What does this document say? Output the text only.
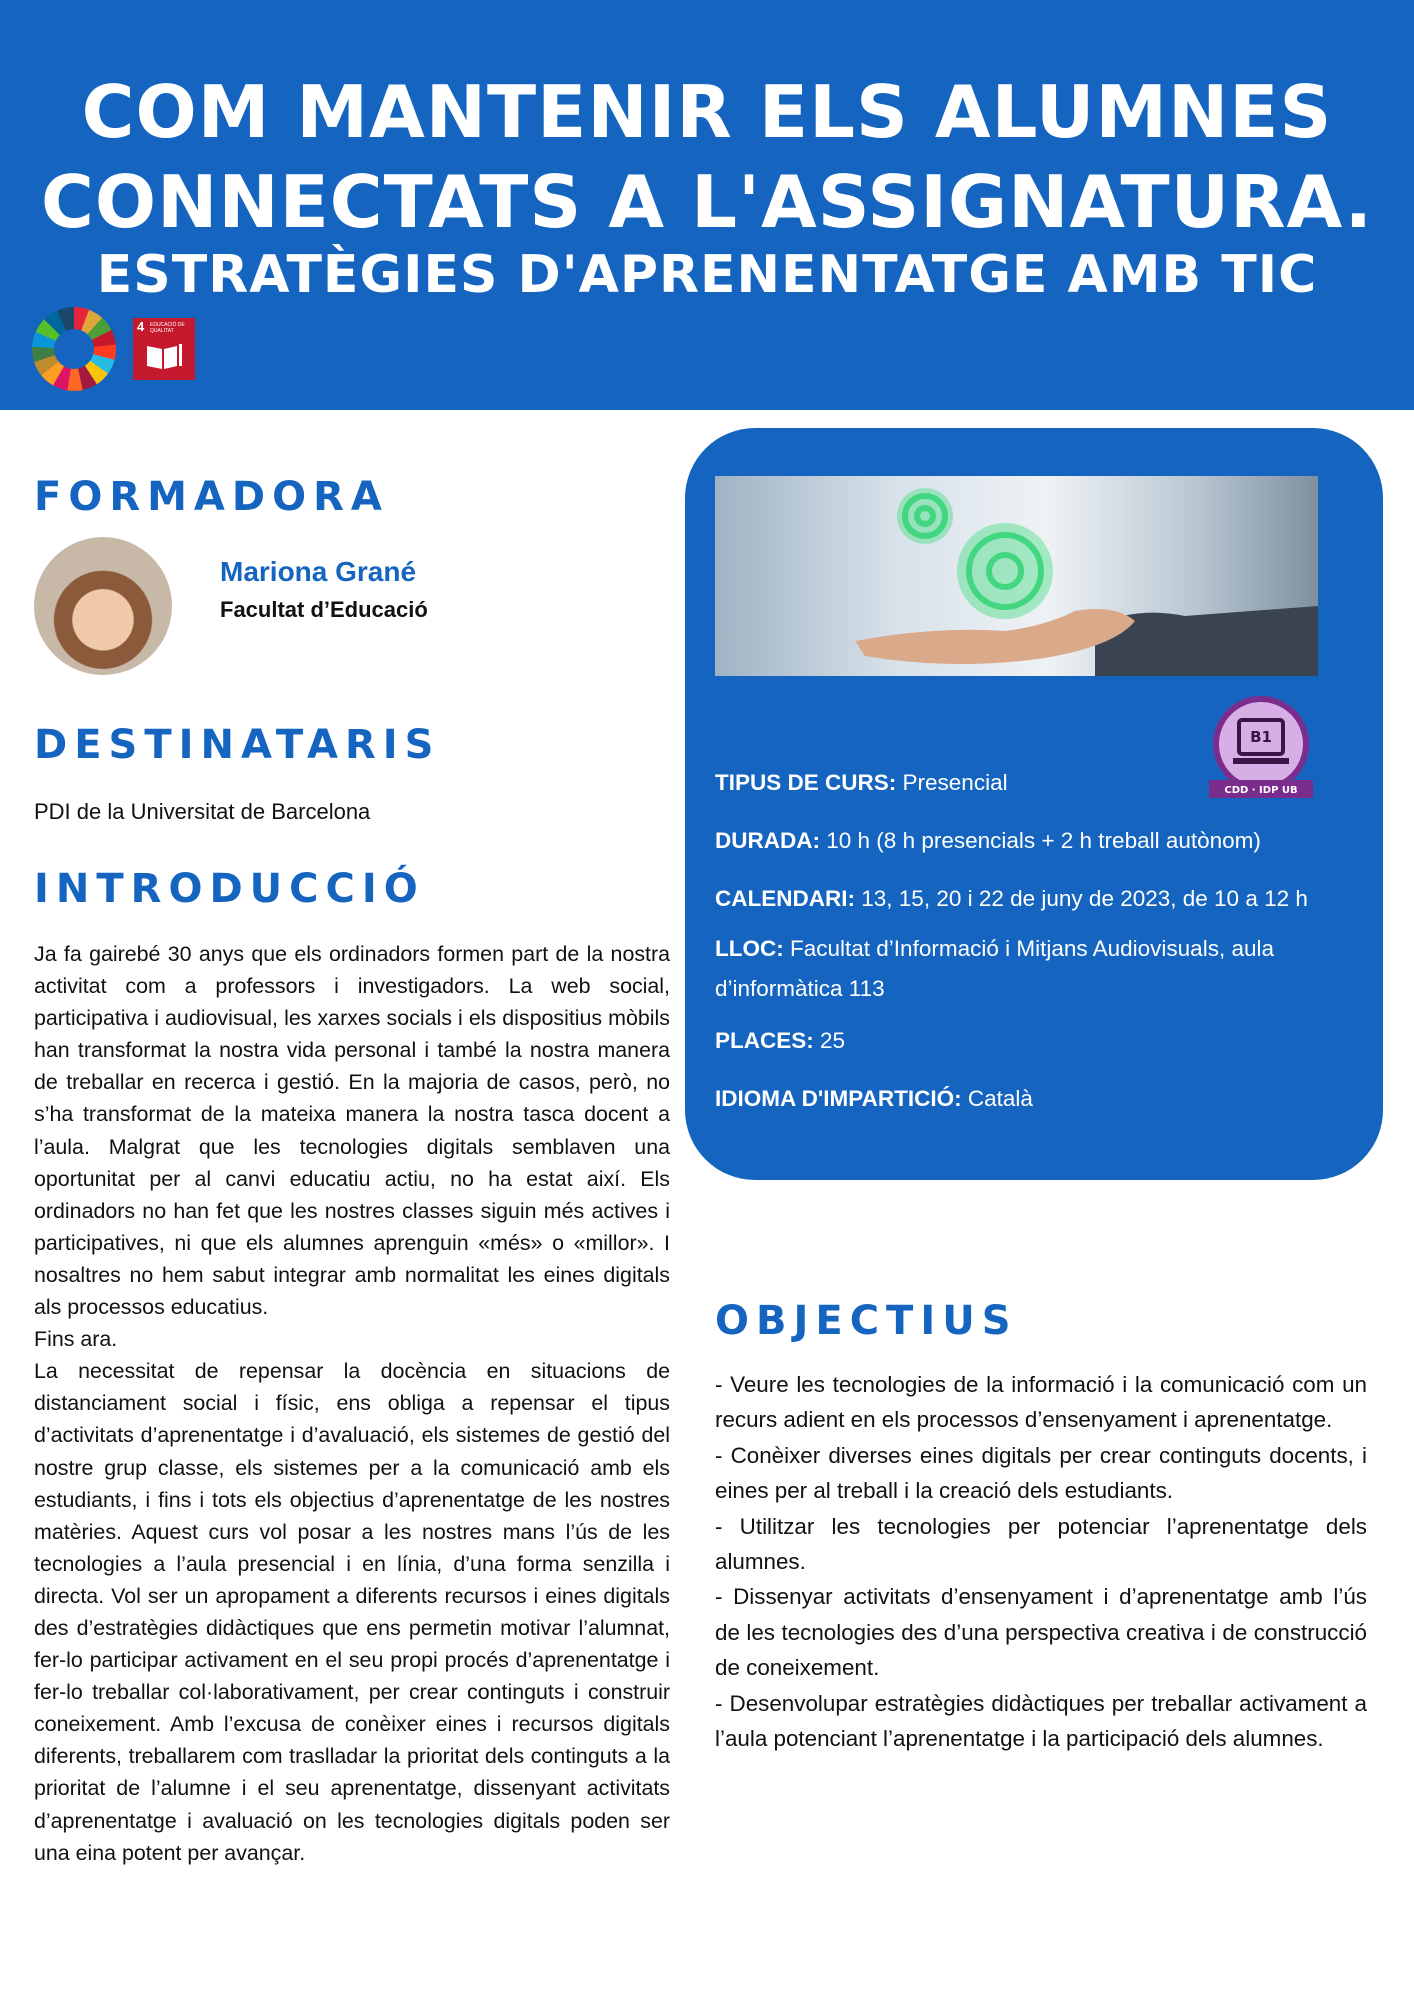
COM MANTENIR ELS ALUMNES
CONNECTATS A L'ASSIGNATURA.
ESTRATÈGIES D'APRENENTATGE AMB TIC
4 EDUCACIÓ DE QUALITAT
FORMADORA
Mariona Grané
Facultat d’Educació
DESTINATARIS
PDI de la Universitat de Barcelona
INTRODUCCIÓ

Ja fa gairebé 30 anys que els ordinadors formen part de la nostra activitat com a professors i investigadors. La web social, participativa i audiovisual, les xarxes socials i els dispositius mòbils han transformat la nostra vida personal i també la nostra manera de treballar en recerca i gestió. En la majoria de casos, però, no s’ha transformat de la mateixa manera la nostra tasca docent a l’aula. Malgrat que les tecnologies digitals semblaven una oportunitat per al canvi educatiu actiu, no ha estat així. Els ordinadors no han fet que les nostres classes siguin més actives i participatives, ni que els alumnes aprenguin «més» o «millor». I nosaltres no hem sabut integrar amb normalitat les eines digitals als processos educatius.

Fins ara.

La necessitat de repensar la docència en situacions de distanciament social i físic, ens obliga a repensar el tipus d’activitats d’aprenentatge i d’avaluació, els sistemes de gestió del nostre grup classe, els sistemes per a la comunicació amb els estudiants, i fins i tots els objectius d’aprenentatge de les nostres matèries. Aquest curs vol posar a les nostres mans l’ús de les tecnologies a l’aula presencial i en línia, d’una forma senzilla i directa. Vol ser un apropament a diferents recursos i eines digitals des d’estratègies didàctiques que ens permetin motivar l’alumnat, fer-lo participar activament en el seu propi procés d’aprenentatge i fer-lo treballar col·laborativament, per crear continguts i construir coneixement. Amb l’excusa de conèixer eines i recursos digitals diferents, treballarem com traslladar la prioritat dels continguts a la prioritat de l’alumne i el seu aprenentatge, dissenyant activitats d’aprenentatge i avaluació on les tecnologies digitals poden ser una eina potent per avançar.

B1
CDD · IDP UB
TIPUS DE CURS: Presencial
DURADA: 10 h (8 h presencials + 2 h treball autònom)
CALENDARI: 13, 15, 20 i 22 de juny de 2023, de 10 a 12 h
LLOC: Facultat d’Informació i Mitjans Audiovisuals, aula d’informàtica 113
PLACES: 25
IDIOMA D'IMPARTICIÓ: Català
OBJECTIUS

- Veure les tecnologies de la informació i la comunicació com un recurs adient en els processos d’ensenyament i aprenentatge.

- Conèixer diverses eines digitals per crear continguts docents, i eines per al treball i la creació dels estudiants.

- Utilitzar les tecnologies per potenciar l’aprenentatge dels alumnes.

- Dissenyar activitats d’ensenyament i d’aprenentatge amb l’ús de les tecnologies des d’una perspectiva creativa i de construcció de coneixement.

- Desenvolupar estratègies didàctiques per treballar activament a l’aula potenciant l’aprenentatge i la participació dels alumnes.
